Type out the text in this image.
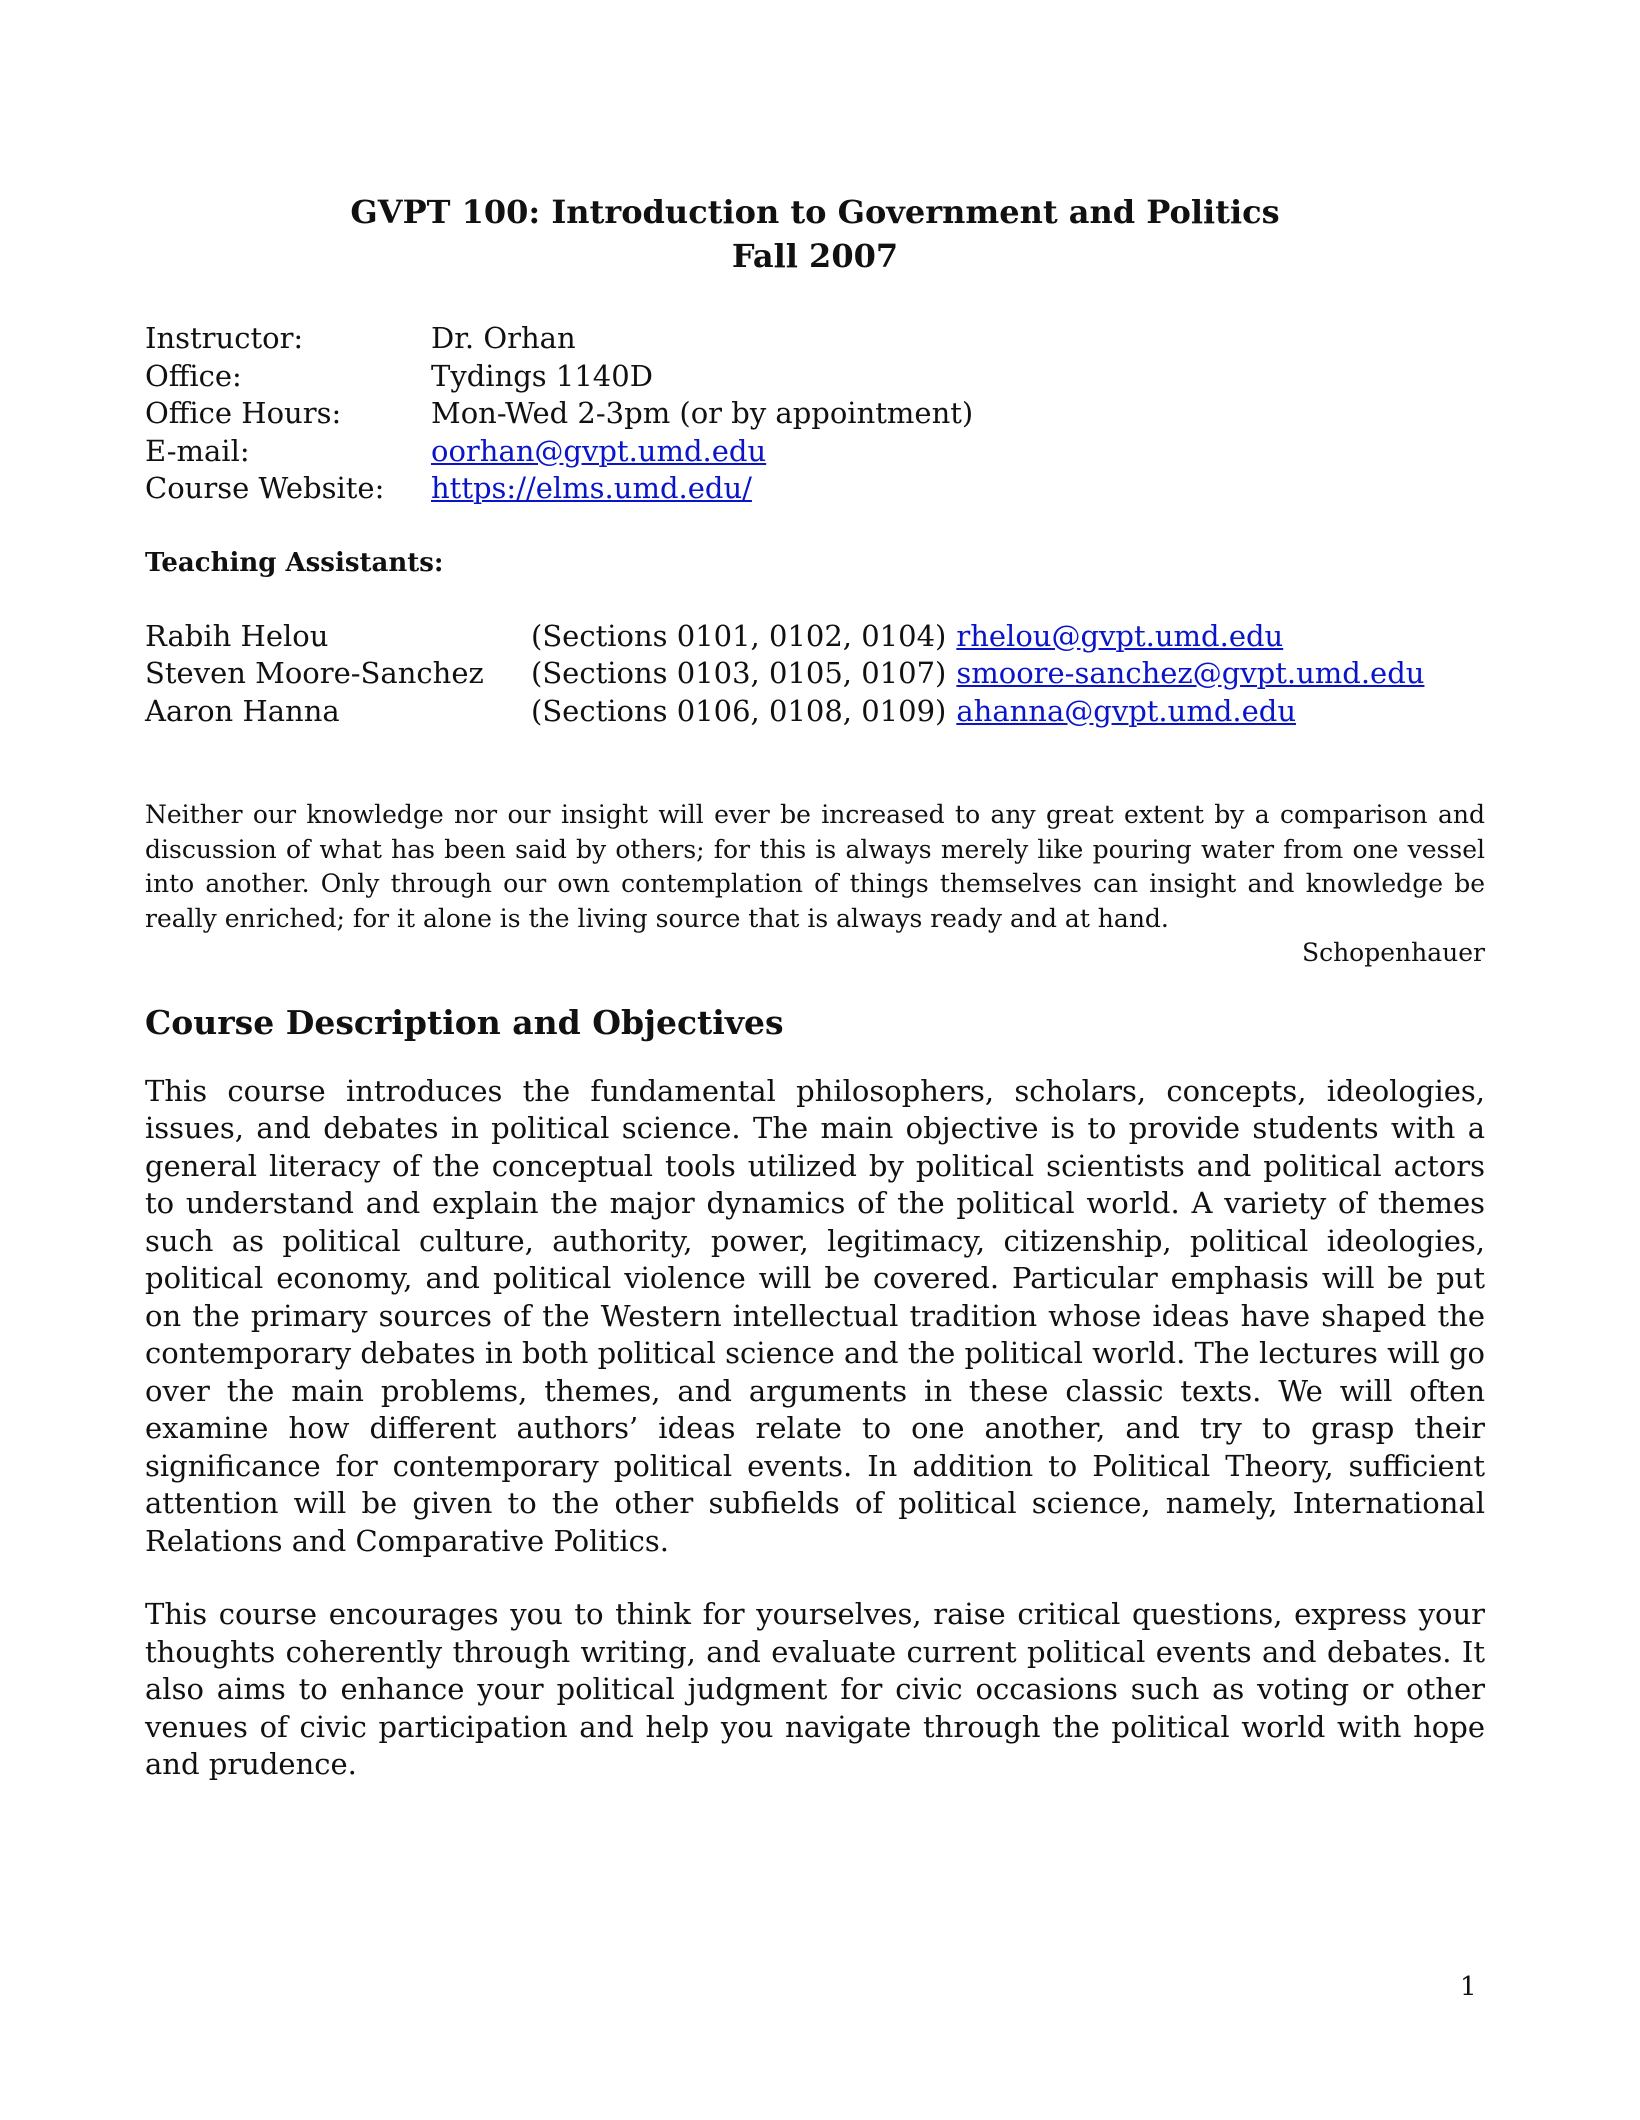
GVPT 100: Introduction to Government and Politics
Fall 2007
Instructor:	Dr. Orhan
Office:	Tydings 1140D
Office Hours:	Mon-Wed 2-3pm (or by appointment)
E-mail:	oorhan@gvpt.umd.edu
Course Website:	https://elms.umd.edu/
Teaching Assistants:
Rabih Helou	(Sections 0101, 0102, 0104) rhelou@gvpt.umd.edu
Steven Moore-Sanchez	(Sections 0103, 0105, 0107) smoore-sanchez@gvpt.umd.edu
Aaron Hanna	(Sections 0106, 0108, 0109) ahanna@gvpt.umd.edu
Neither our knowledge nor our insight will ever be increased to any great extent by a comparison and discussion of what has been said by others; for this is always merely like pouring water from one vessel into another. Only through our own contemplation of things themselves can insight and knowledge be really enriched; for it alone is the living source that is always ready and at hand.
Schopenhauer
Course Description and Objectives

This course introduces the fundamental philosophers, scholars, concepts, ideologies, issues, and debates in political science. The main objective is to provide students with a general literacy of the conceptual tools utilized by political scientists and political actors to understand and explain the major dynamics of the political world. A variety of themes such as political culture, authority, power, legitimacy, citizenship, political ideologies, political economy, and political violence will be covered. Particular emphasis will be put on the primary sources of the Western intellectual tradition whose ideas have shaped the contemporary debates in both political science and the political world. The lectures will go over the main problems, themes, and arguments in these classic texts. We will often examine how different authors’ ideas relate to one another, and try to grasp their significance for contemporary political events. In addition to Political Theory, sufficient attention will be given to the other subfields of political science, namely, International Relations and Comparative Politics.

This course encourages you to think for yourselves, raise critical questions, express your thoughts coherently through writing, and evaluate current political events and debates. It also aims to enhance your political judgment for civic occasions such as voting or other venues of civic participation and help you navigate through the political world with hope and prudence.

1
